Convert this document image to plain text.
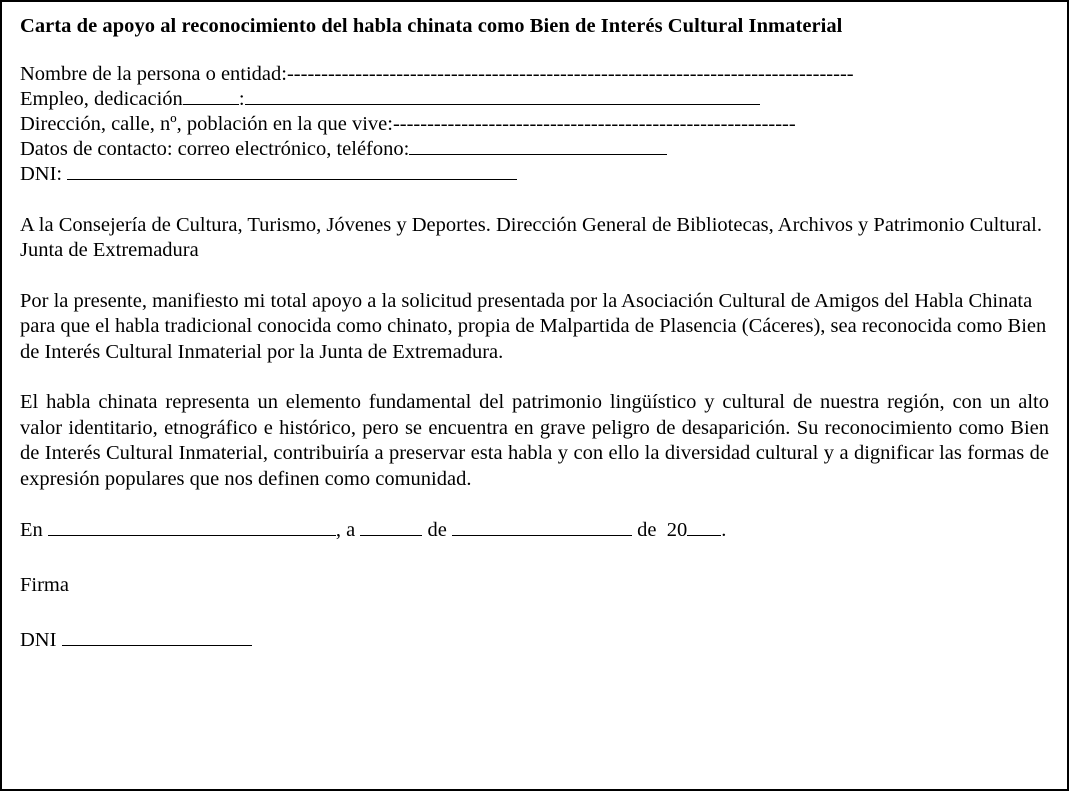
Carta de apoyo al reconocimiento del habla chinata como Bien de Interés Cultural Inmaterial
Nombre de la persona o entidad:-----------------------------------------------------------------------------------
Empleo, dedicación	:
Dirección, calle, nº, población en la que vive:-----------------------------------------------------------
Datos de contacto: correo electrónico, teléfono:
DNI:

A la Consejería de Cultura, Turismo, Jóvenes y Deportes. Dirección General de Bibliotecas, Archivos y Patrimonio Cultural. Junta de Extremadura

Por la presente, manifiesto mi total apoyo a la solicitud presentada por la Asociación Cultural de Amigos del Habla Chinata para que el habla tradicional conocida como chinato, propia de Malpartida de Plasencia (Cáceres), sea reconocida como Bien de Interés Cultural Inmaterial por la Junta de Extremadura.

El habla chinata representa un elemento fundamental del patrimonio lingüístico y cultural de nuestra región, con un alto valor identitario, etnográfico e histórico, pero se encuentra en grave peligro de desaparición. Su reconocimiento como Bien de Interés Cultural Inmaterial, contribuiría a preservar esta habla y con ello la diversidad cultural y a dignificar las formas de expresión populares que nos definen como comunidad.

En	, a	de	de 20 .
Firma
DNI
